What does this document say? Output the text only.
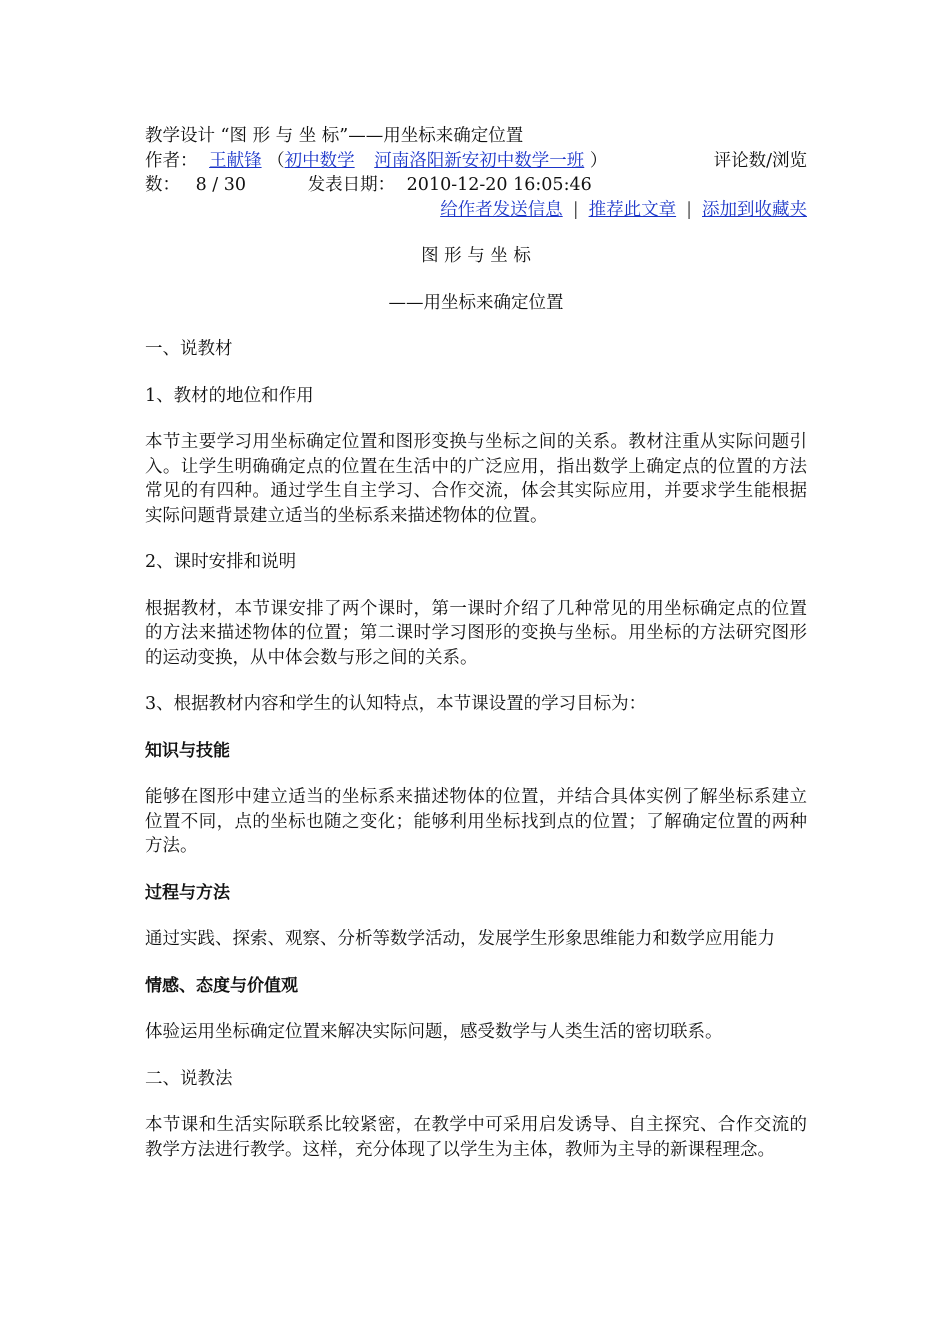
教学设计 “图 形 与 坐 标”——用坐标来确定位置
作者： 王献锋 （初中数学 河南洛阳新安初中数学一班 ）	评论数/浏览
数： 8 / 30	发表日期： 2010-12-20 16:05:46
给作者发送信息 | 推荐此文章 | 添加到收藏夹

图 形 与 坐 标

——用坐标来确定位置

一、说教材

1、教材的地位和作用

本节主要学习用坐标确定位置和图形变换与坐标之间的关系。教材注重从实际问题引入。让学生明确确定点的位置在生活中的广泛应用，指出数学上确定点的位置的方法常见的有四种。通过学生自主学习、合作交流，体会其实际应用，并要求学生能根据实际问题背景建立适当的坐标系来描述物体的位置。

2、课时安排和说明

根据教材，本节课安排了两个课时，第一课时介绍了几种常见的用坐标确定点的位置的方法来描述物体的位置；第二课时学习图形的变换与坐标。用坐标的方法研究图形的运动变换，从中体会数与形之间的关系。

3、根据教材内容和学生的认知特点，本节课设置的学习目标为：

知识与技能

能够在图形中建立适当的坐标系来描述物体的位置，并结合具体实例了解坐标系建立位置不同，点的坐标也随之变化；能够利用坐标找到点的位置；了解确定位置的两种方法。

过程与方法

通过实践、探索、观察、分析等数学活动，发展学生形象思维能力和数学应用能力

情感、态度与价值观

体验运用坐标确定位置来解决实际问题，感受数学与人类生活的密切联系。

二、说教法

本节课和生活实际联系比较紧密，在教学中可采用启发诱导、自主探究、合作交流的教学方法进行教学。这样，充分体现了以学生为主体，教师为主导的新课程理念。
